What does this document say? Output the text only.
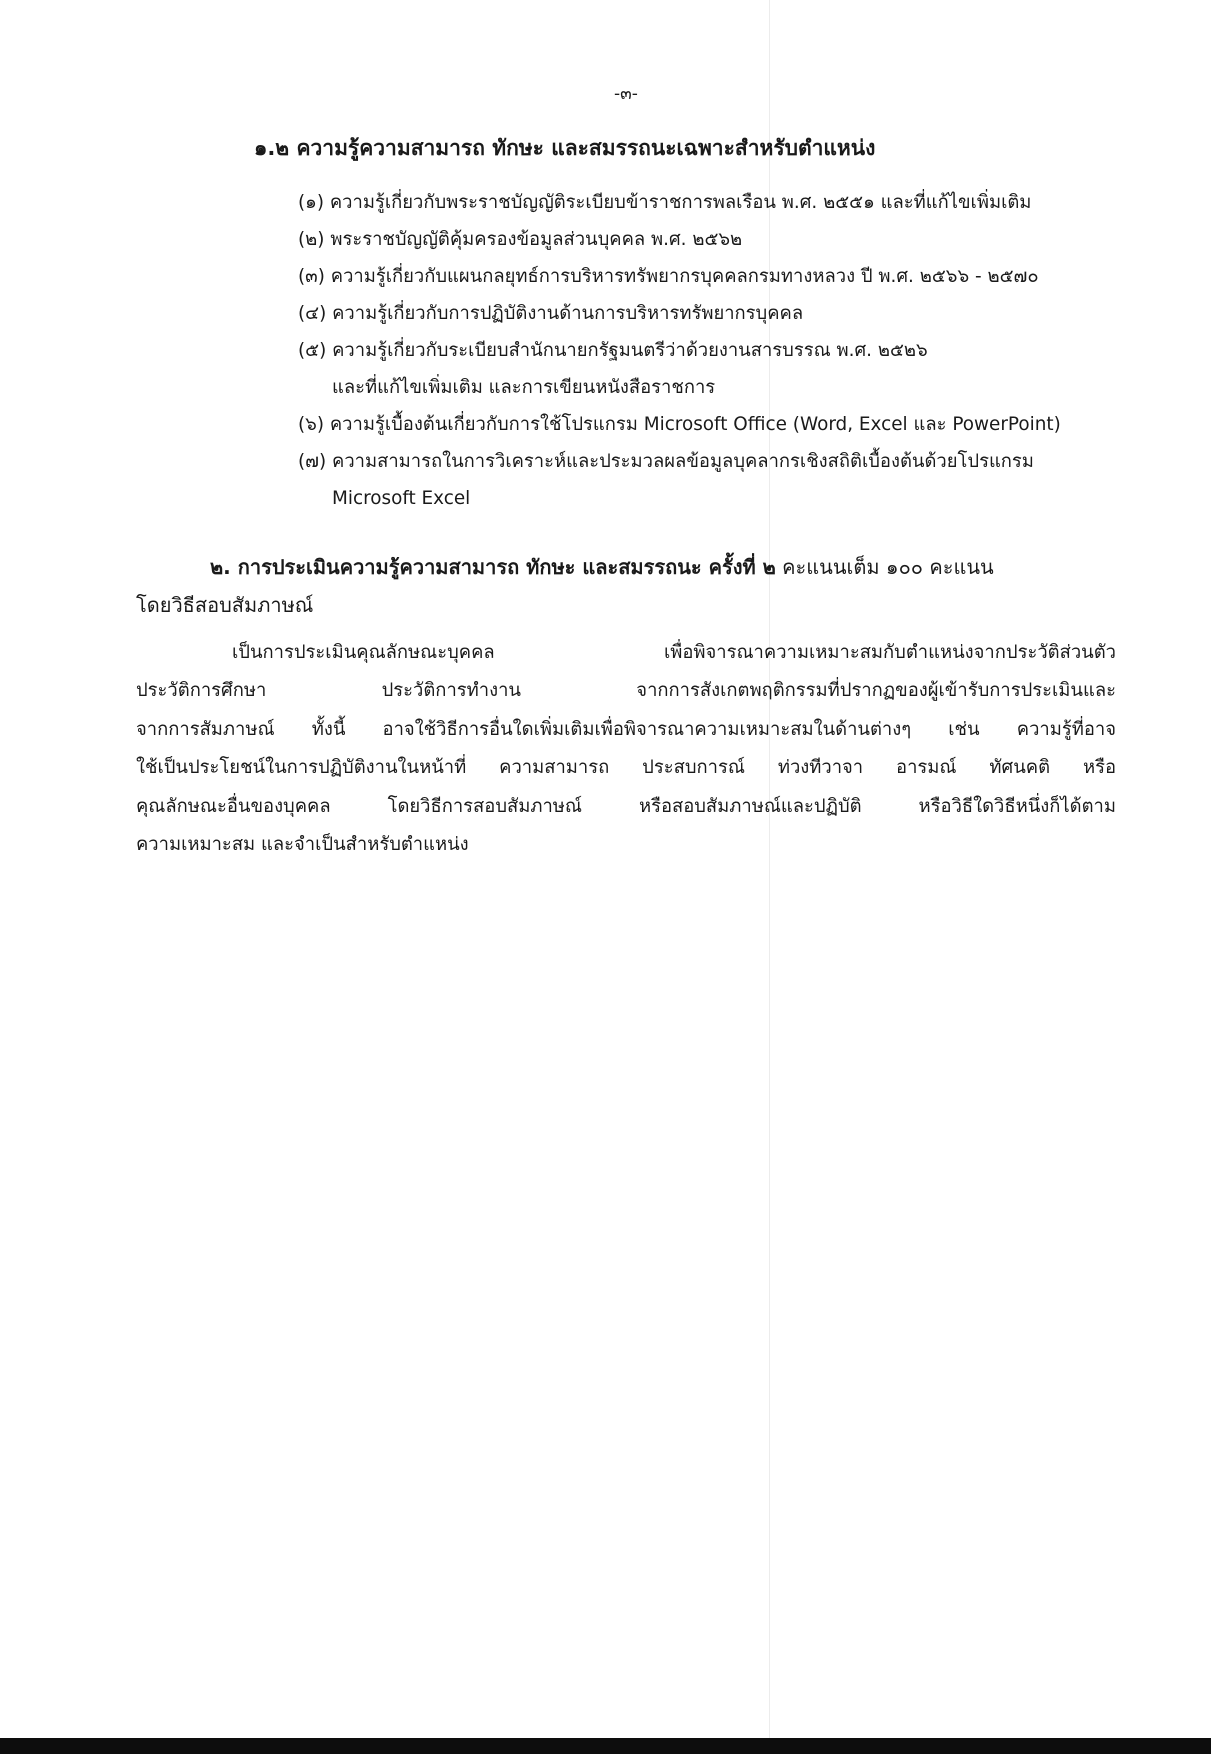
-๓-
๑.๒ ความรู้ความสามารถ ทักษะ และสมรรถนะเฉพาะสำหรับตำแหน่ง
(๑) ความรู้เกี่ยวกับพระราชบัญญัติระเบียบข้าราชการพลเรือน พ.ศ. ๒๕๕๑ และที่แก้ไขเพิ่มเติม
(๒) พระราชบัญญัติคุ้มครองข้อมูลส่วนบุคคล พ.ศ. ๒๕๖๒
(๓) ความรู้เกี่ยวกับแผนกลยุทธ์การบริหารทรัพยากรบุคคลกรมทางหลวง ปี พ.ศ. ๒๕๖๖ - ๒๕๗๐
(๔) ความรู้เกี่ยวกับการปฏิบัติงานด้านการบริหารทรัพยากรบุคคล
(๕) ความรู้เกี่ยวกับระเบียบสำนักนายกรัฐมนตรีว่าด้วยงานสารบรรณ พ.ศ. ๒๕๒๖
และที่แก้ไขเพิ่มเติม และการเขียนหนังสือราชการ
(๖) ความรู้เบื้องต้นเกี่ยวกับการใช้โปรแกรม Microsoft Office (Word, Excel และ PowerPoint)
(๗) ความสามารถในการวิเคราะห์และประมวลผลข้อมูลบุคลากรเชิงสถิติเบื้องต้นด้วยโปรแกรม
Microsoft Excel
๒. การประเมินความรู้ความสามารถ ทักษะ และสมรรถนะ ครั้งที่ ๒ คะแนนเต็ม ๑๐๐ คะแนน
โดยวิธีสอบสัมภาษณ์
เป็นการประเมินคุณลักษณะบุคคล เพื่อพิจารณาความเหมาะสมกับตำแหน่งจากประวัติส่วนตัว
ประวัติการศึกษา ประวัติการทำงาน จากการสังเกตพฤติกรรมที่ปรากฏของผู้เข้ารับการประเมินและ
จากการสัมภาษณ์ ทั้งนี้ อาจใช้วิธีการอื่นใดเพิ่มเติมเพื่อพิจารณาความเหมาะสมในด้านต่างๆ เช่น ความรู้ที่อาจ
ใช้เป็นประโยชน์ในการปฏิบัติงานในหน้าที่ ความสามารถ ประสบการณ์ ท่วงทีวาจา อารมณ์ ทัศนคติ หรือ
คุณลักษณะอื่นของบุคคล โดยวิธีการสอบสัมภาษณ์ หรือสอบสัมภาษณ์และปฏิบัติ หรือวิธีใดวิธีหนึ่งก็ได้ตาม
ความเหมาะสม และจำเป็นสำหรับตำแหน่ง
